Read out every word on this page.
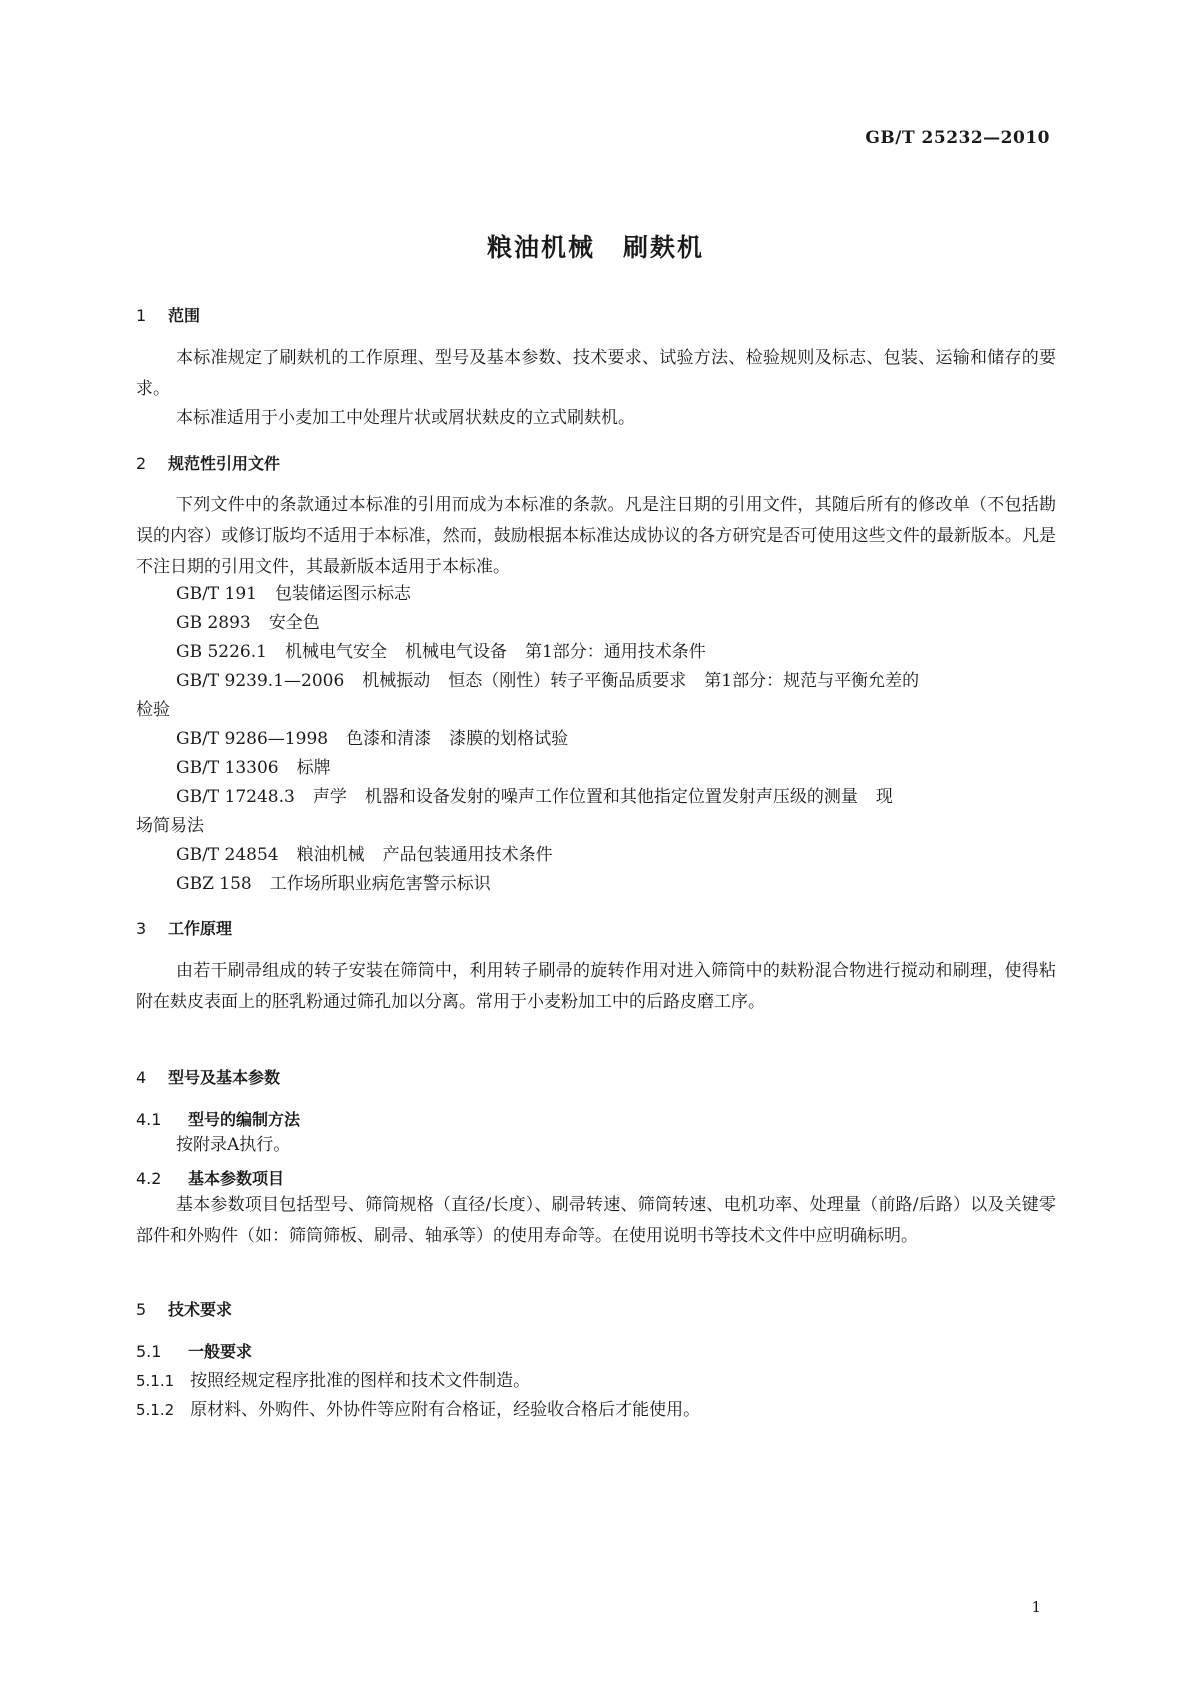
GB/T 25232—2010
粮油机械 刷麸机
1 范围
本标准规定了刷麸机的工作原理、型号及基本参数、技术要求、试验方法、检验规则及标志、包装、运输和储存的要求。
本标准适用于小麦加工中处理片状或屑状麸皮的立式刷麸机。
2 规范性引用文件
下列文件中的条款通过本标准的引用而成为本标准的条款。凡是注日期的引用文件，其随后所有的修改单（不包括勘误的内容）或修订版均不适用于本标准，然而，鼓励根据本标准达成协议的各方研究是否可使用这些文件的最新版本。凡是不注日期的引用文件，其最新版本适用于本标准。
GB/T 191 包装储运图示标志
GB 2893 安全色
GB 5226.1 机械电气安全 机械电气设备 第1部分：通用技术条件
GB/T 9239.1—2006 机械振动 恒态（刚性）转子平衡品质要求 第1部分：规范与平衡允差的
检验
GB/T 9286—1998 色漆和清漆 漆膜的划格试验
GB/T 13306 标牌
GB/T 17248.3 声学 机器和设备发射的噪声工作位置和其他指定位置发射声压级的测量 现
场简易法
GB/T 24854 粮油机械 产品包装通用技术条件
GBZ 158 工作场所职业病危害警示标识
3 工作原理
由若干刷帚组成的转子安装在筛筒中，利用转子刷帚的旋转作用对进入筛筒中的麸粉混合物进行搅动和刷理，使得粘附在麸皮表面上的胚乳粉通过筛孔加以分离。常用于小麦粉加工中的后路皮磨工序。
4 型号及基本参数
4.1 型号的编制方法
按附录A执行。
4.2 基本参数项目
基本参数项目包括型号、筛筒规格（直径/长度）、刷帚转速、筛筒转速、电机功率、处理量（前路/后路）以及关键零部件和外购件（如：筛筒筛板、刷帚、轴承等）的使用寿命等。在使用说明书等技术文件中应明确标明。
5 技术要求
5.1 一般要求
5.1.1 按照经规定程序批准的图样和技术文件制造。
5.1.2 原材料、外购件、外协件等应附有合格证，经验收合格后才能使用。
1
